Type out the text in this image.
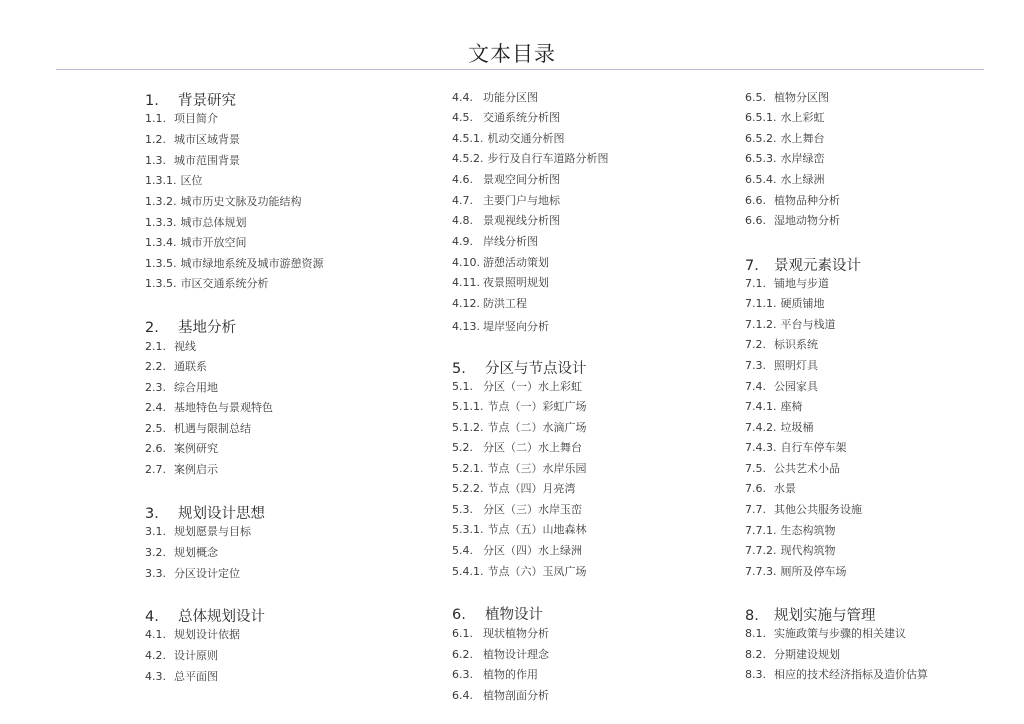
文本目录
1. 背景研究
1.1. 项目简介
1.2. 城市区域背景
1.3. 城市范围背景
1.3.1. 区位
1.3.2. 城市历史文脉及功能结构
1.3.3. 城市总体规划
1.3.4. 城市开放空间
1.3.5. 城市绿地系统及城市游憩资源
1.3.5. 市区交通系统分析
2. 基地分析
2.1. 视线
2.2. 通联系
2.3. 综合用地
2.4. 基地特色与景观特色
2.5. 机遇与限制总结
2.6. 案例研究
2.7. 案例启示
3. 规划设计思想
3.1. 规划愿景与目标
3.2. 规划概念
3.3. 分区设计定位
4. 总体规划设计
4.1. 规划设计依据
4.2. 设计原则
4.3. 总平面图
4.4. 功能分区图
4.5. 交通系统分析图
4.5.1. 机动交通分析图
4.5.2. 步行及自行车道路分析图
4.6. 景观空间分析图
4.7. 主要门户与地标
4.8. 景观视线分析图
4.9. 岸线分析图
4.10. 游憩活动策划
4.11. 夜景照明规划
4.12. 防洪工程
4.13. 堤岸竖向分析
5. 分区与节点设计
5.1. 分区（一）水上彩虹
5.1.1. 节点（一）彩虹广场
5.1.2. 节点（二）水滴广场
5.2. 分区（二）水上舞台
5.2.1. 节点（三）水岸乐园
5.2.2. 节点（四）月亮湾
5.3. 分区（三）水岸玉峦
5.3.1. 节点（五）山地森林
5.4. 分区（四）水上绿洲
5.4.1. 节点（六）玉凤广场
6. 植物设计
6.1. 现状植物分析
6.2. 植物设计理念
6.3. 植物的作用
6.4. 植物剖面分析
6.5. 植物分区图
6.5.1. 水上彩虹
6.5.2. 水上舞台
6.5.3. 水岸绿峦
6.5.4. 水上绿洲
6.6. 植物品种分析
6.6. 湿地动物分析
7. 景观元素设计
7.1. 铺地与步道
7.1.1. 硬质铺地
7.1.2. 平台与栈道
7.2. 标识系统
7.3. 照明灯具
7.4. 公园家具
7.4.1. 座椅
7.4.2. 垃圾桶
7.4.3. 自行车停车架
7.5. 公共艺术小品
7.6. 水景
7.7. 其他公共服务设施
7.7.1. 生态构筑物
7.7.2. 现代构筑物
7.7.3. 厕所及停车场
8. 规划实施与管理
8.1. 实施政策与步骤的相关建议
8.2. 分期建设规划
8.3. 相应的技术经济指标及造价估算
